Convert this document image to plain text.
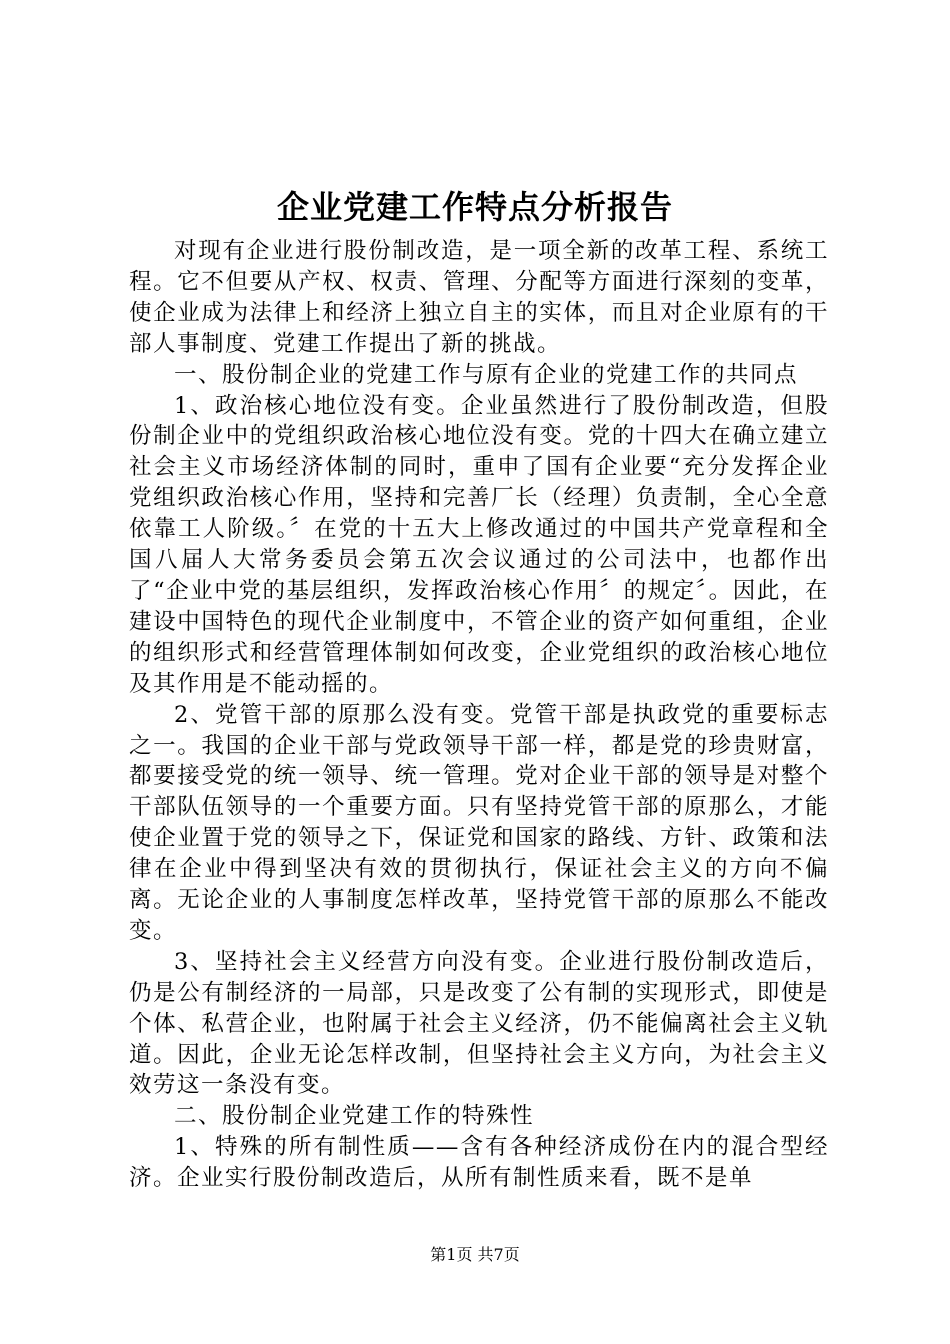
企业党建工作特点分析报告

对现有企业进行股份制改造，是一项全新的改革工程、系统工程。它不但要从产权、权责、管理、分配等方面进行深刻的变革，使企业成为法律上和经济上独立自主的实体，而且对企业原有的干部人事制度、党建工作提出了新的挑战。

一、股份制企业的党建工作与原有企业的党建工作的共同点

1、政治核心地位没有变。企业虽然进行了股份制改造，但股份制企业中的党组织政治核心地位没有变。党的十四大在确立建立社会主义市场经济体制的同时，重申了国有企业要“充分发挥企业党组织政治核心作用，坚持和完善厂长（经理）负责制，全心全意依靠工人阶级。〞在党的十五大上修改通过的中国共产党章程和全国八届人大常务委员会第五次会议通过的公司法中，也都作出了“企业中党的基层组织，发挥政治核心作用〞的规定〞。因此，在建设中国特色的现代企业制度中，不管企业的资产如何重组，企业的组织形式和经营管理体制如何改变，企业党组织的政治核心地位及其作用是不能动摇的。

2、党管干部的原那么没有变。党管干部是执政党的重要标志之一。我国的企业干部与党政领导干部一样，都是党的珍贵财富，都要接受党的统一领导、统一管理。党对企业干部的领导是对整个干部队伍领导的一个重要方面。只有坚持党管干部的原那么，才能使企业置于党的领导之下，保证党和国家的路线、方针、政策和法律在企业中得到坚决有效的贯彻执行，保证社会主义的方向不偏离。无论企业的人事制度怎样改革，坚持党管干部的原那么不能改变。

3、坚持社会主义经营方向没有变。企业进行股份制改造后，仍是公有制经济的一局部，只是改变了公有制的实现形式，即使是个体、私营企业，也附属于社会主义经济，仍不能偏离社会主义轨道。因此，企业无论怎样改制，但坚持社会主义方向，为社会主义效劳这一条没有变。

二、股份制企业党建工作的特殊性

1、特殊的所有制性质——含有各种经济成份在内的混合型经济。企业实行股份制改造后，从所有制性质来看，既不是单

第1页 共7页
